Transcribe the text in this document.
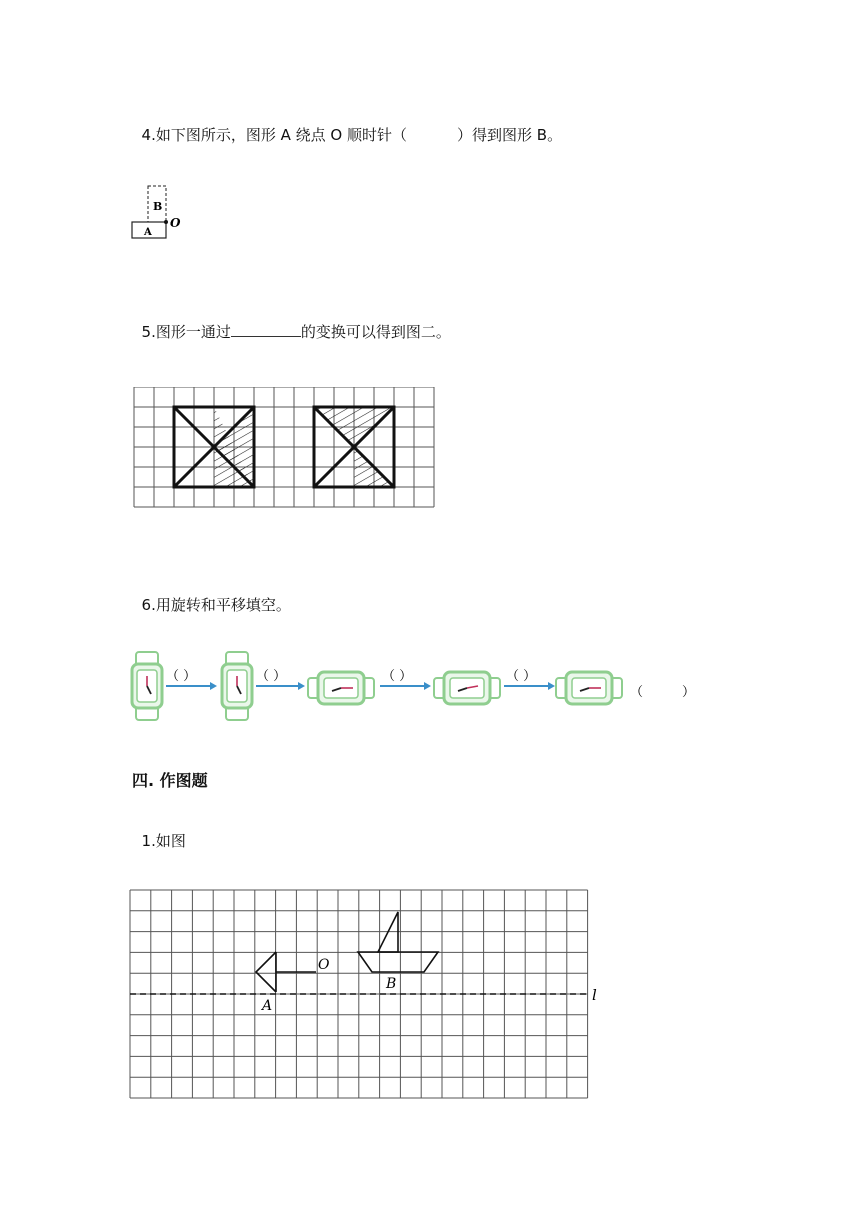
4.如下图所示，图形 A 绕点 O 顺时针（	）得到图形 B。

B
A
O

5.图形一通过	的变换可以得到图二。

6.用旋转和平移填空。

（ ）	（ ）	（ ）	（ ）
（　　　）
四. 作图题

1.如图

O
A
B
l
